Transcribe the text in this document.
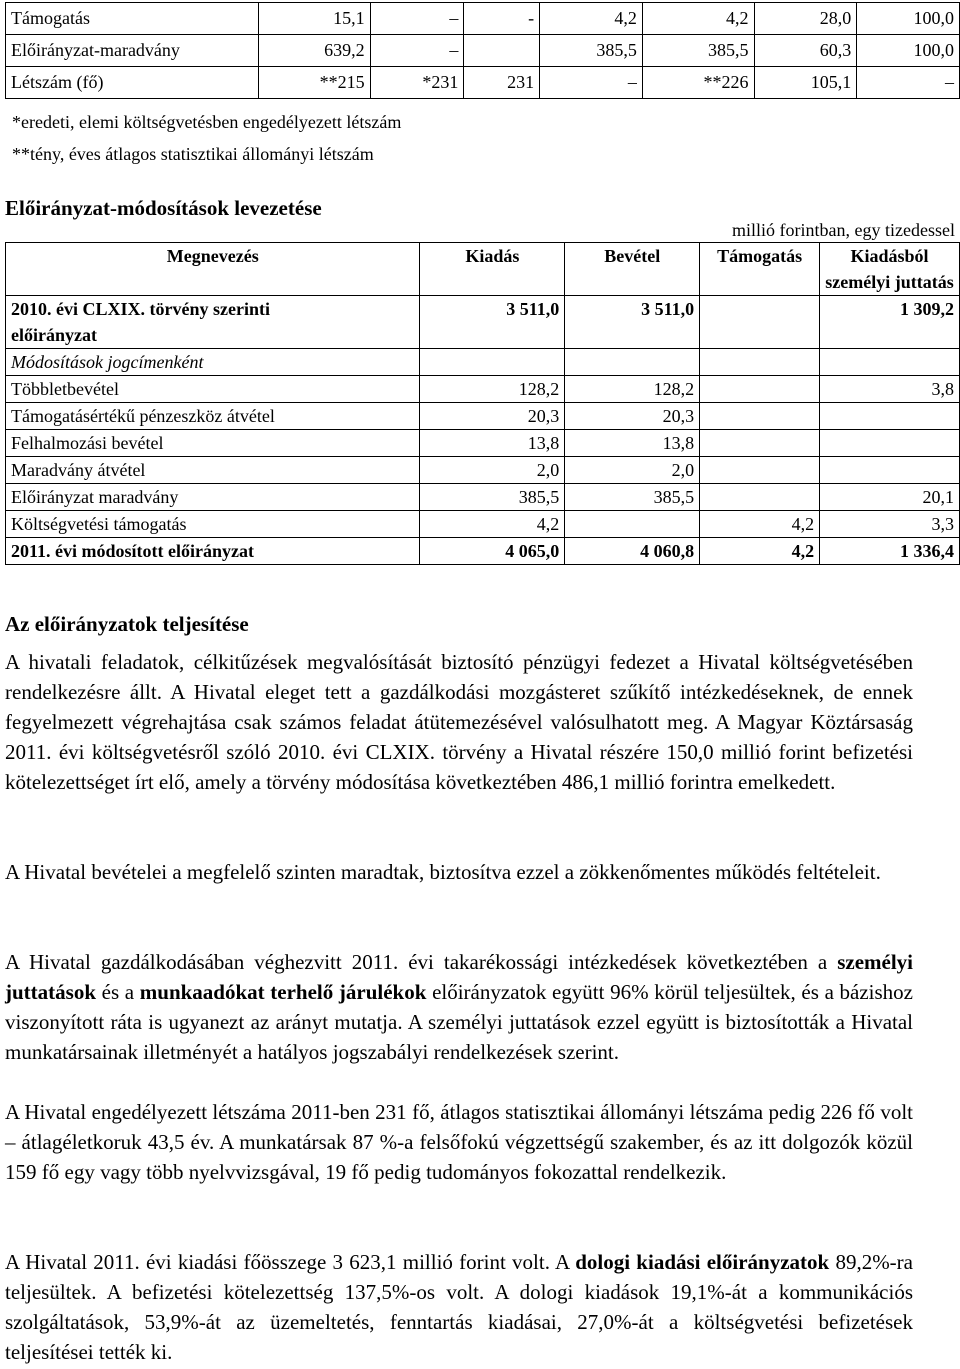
Támogatás	15,1	–	-	4,2	4,2	28,0	100,0
Előirányzat-maradvány	639,2	–		385,5	385,5	60,3	100,0
Létszám (fő)	**215	*231	231	–	**226	105,1	–
*eredeti, elemi költségvetésben engedélyezett létszám
**tény, éves átlagos statisztikai állományi létszám
Előirányzat-módosítások levezetése
millió forintban, egy tizedessel
Megnevezés	Kiadás	Bevétel	Támogatás	Kiadásból személyi juttatás
2010. évi CLXIX. törvény szerinti előirányzat	3 511,0	3 511,0		1 309,2
Módosítások jogcímenként				
Többletbevétel	128,2	128,2		3,8
Támogatásértékű pénzeszköz átvétel	20,3	20,3		
Felhalmozási bevétel	13,8	13,8		
Maradvány átvétel	2,0	2,0		
Előirányzat maradvány	385,5	385,5		20,1
Költségvetési támogatás	4,2		4,2	3,3
2011. évi módosított előirányzat	4 065,0	4 060,8	4,2	1 336,4
Az előirányzatok teljesítése
A hivatali feladatok, célkitűzések megvalósítását biztosító pénzügyi fedezet a Hivatal költségvetésében rendelkezésre állt. A Hivatal eleget tett a gazdálkodási mozgásteret szűkítő intézkedéseknek, de ennek fegyelmezett végrehajtása csak számos feladat átütemezésével valósulhatott meg. A Magyar Köztársaság 2011. évi költségvetésről szóló 2010. évi CLXIX. törvény a Hivatal részére 150,0 millió forint befizetési kötelezettséget írt elő, amely a törvény módosítása következtében 486,1 millió forintra emelkedett.
A Hivatal bevételei a megfelelő szinten maradtak, biztosítva ezzel a zökkenőmentes működés feltételeit.
A Hivatal gazdálkodásában véghezvitt 2011. évi takarékossági intézkedések következtében a személyi juttatások és a munkaadókat terhelő járulékok előirányzatok együtt 96% körül teljesültek, és a bázishoz viszonyított ráta is ugyanezt az arányt mutatja. A személyi juttatások ezzel együtt is biztosították a Hivatal munkatársainak illetményét a hatályos jogszabályi rendelkezések szerint.
A Hivatal engedélyezett létszáma 2011-ben 231 fő, átlagos statisztikai állományi létszáma pedig 226 fő volt – átlagéletkoruk 43,5 év. A munkatársak 87 %-a felsőfokú végzettségű szakember, és az itt dolgozók közül 159 fő egy vagy több nyelvvizsgával, 19 fő pedig tudományos fokozattal rendelkezik.
A Hivatal 2011. évi kiadási főösszege 3 623,1 millió forint volt. A dologi kiadási előirányzatok 89,2%-ra teljesültek. A befizetési kötelezettség 137,5%-os volt. A dologi kiadások 19,1%-át a kommunikációs szolgáltatások, 53,9%-át az üzemeltetés, fenntartás kiadásai, 27,0%-át a költségvetési befizetések teljesítései tették ki.
